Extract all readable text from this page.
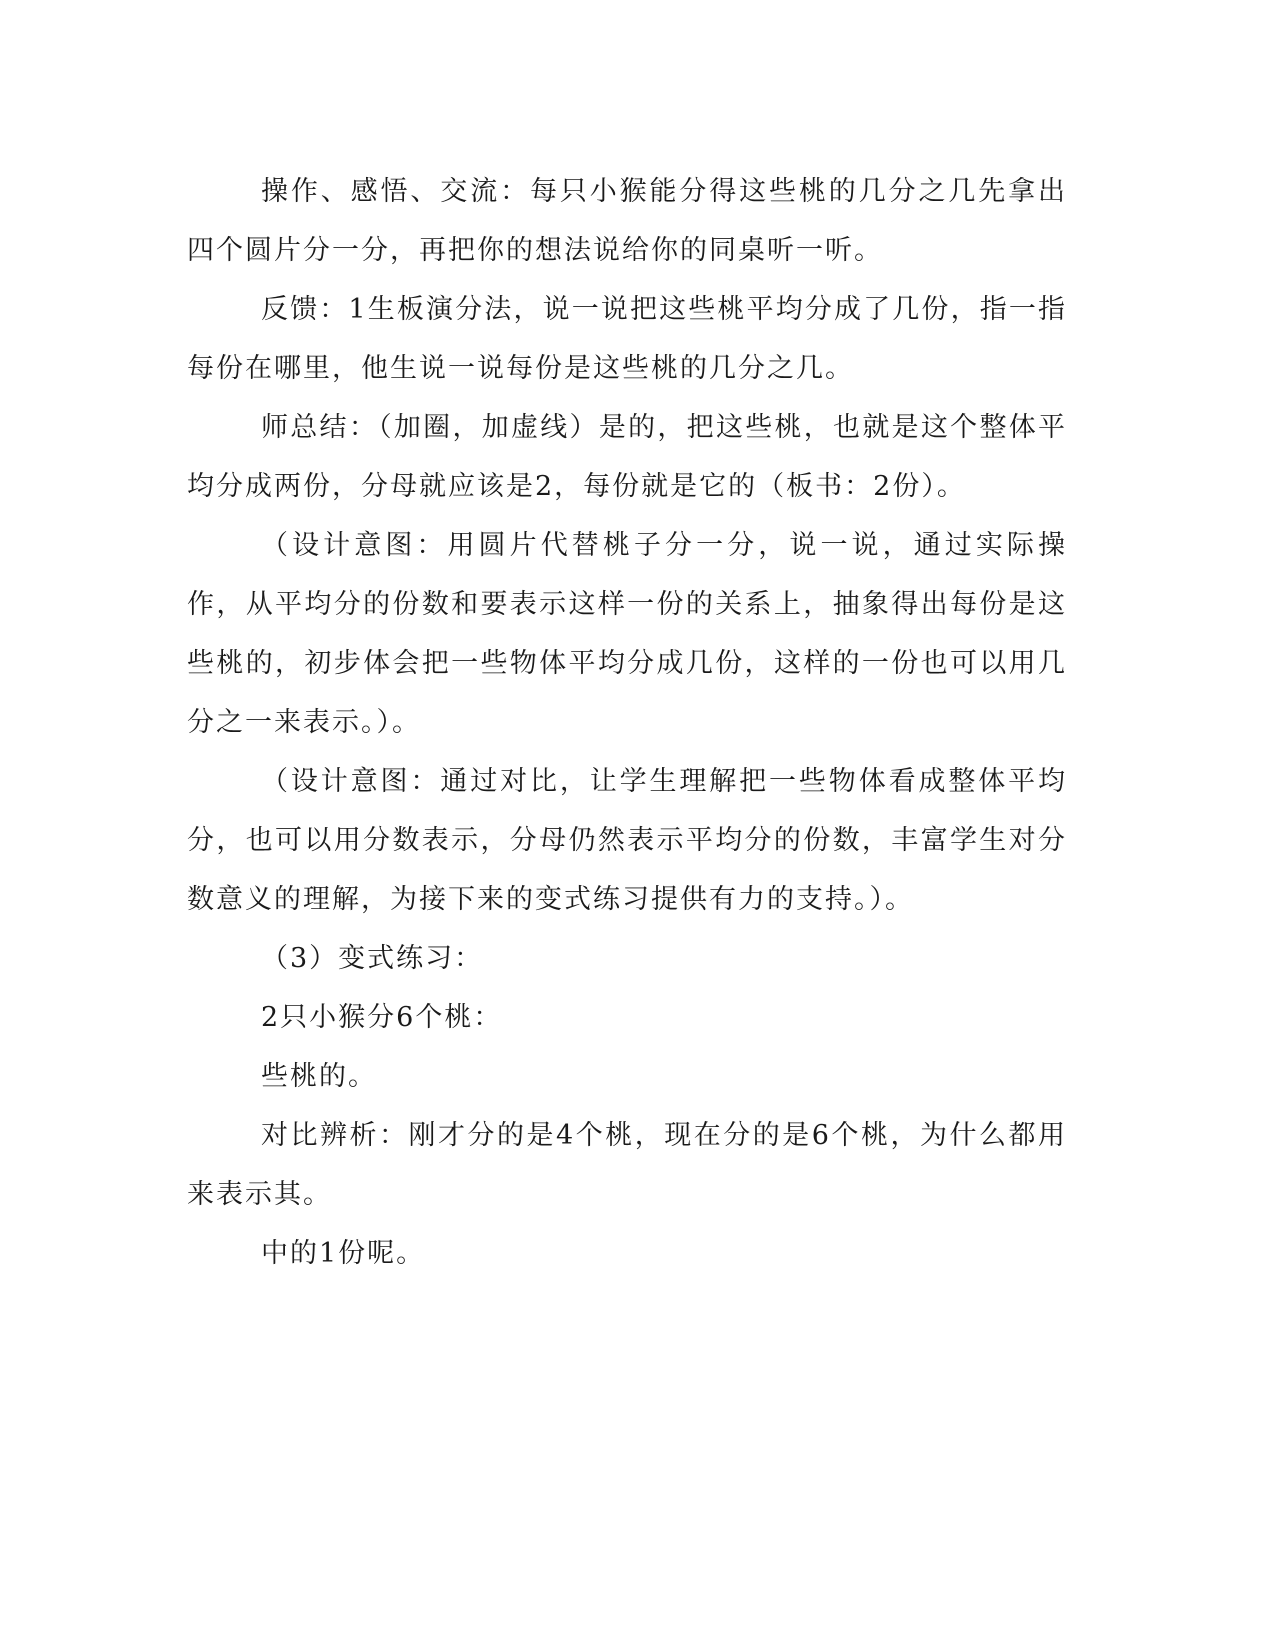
操作、感悟、交流：每只小猴能分得这些桃的几分之几先拿出四个圆片分一分，再把你的想法说给你的同桌听一听。

反馈：1生板演分法，说一说把这些桃平均分成了几份，指一指每份在哪里，他生说一说每份是这些桃的几分之几。

师总结：（加圈，加虚线）是的，把这些桃，也就是这个整体平均分成两份，分母就应该是2，每份就是它的（板书：2份）。

（设计意图：用圆片代替桃子分一分，说一说，通过实际操作，从平均分的份数和要表示这样一份的关系上，抽象得出每份是这些桃的，初步体会把一些物体平均分成几份，这样的一份也可以用几分之一来表示。）。

（设计意图：通过对比，让学生理解把一些物体看成整体平均分，也可以用分数表示，分母仍然表示平均分的份数，丰富学生对分数意义的理解，为接下来的变式练习提供有力的支持。）。

（3）变式练习：

2只小猴分6个桃：

些桃的。

对比辨析：刚才分的是4个桃，现在分的是6个桃，为什么都用来表示其。

中的1份呢。
